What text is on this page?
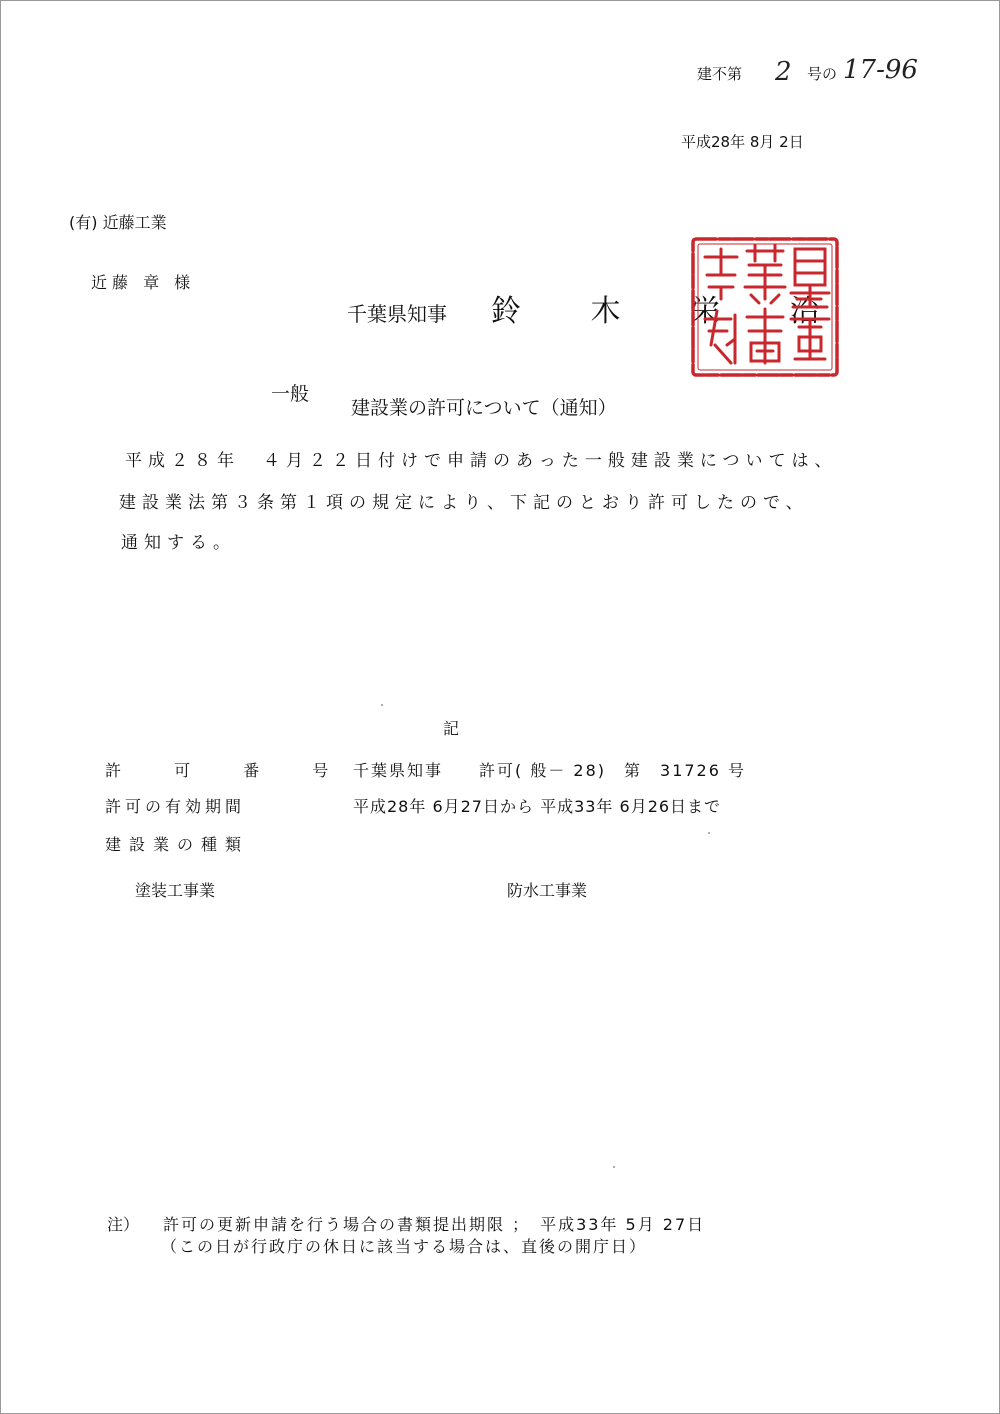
建不第 2 号の 17-96
平成28年 8月 2日
(有) 近藤工業
近藤 章 様
千葉県知事 鈴 木 栄 治
一般
建設業の許可について（通知）
平成２８年　４月２２日付けで申請のあった一般建設業については、
建設業法第３条第１項の規定により、下記のとおり許可したので、
通知する。
記
許 可 番 号 千葉県知事　　許可( 般－ 28)　第　31726 号
許可の有効期間	平成28年 6月27日から 平成33年 6月26日まで
建設業の種類
塗装工事業	防水工事業
注） 許可の更新申請を行う場合の書類提出期限 ；　平成33年 5月 27日
（この日が行政庁の休日に該当する場合は、直後の開庁日）
